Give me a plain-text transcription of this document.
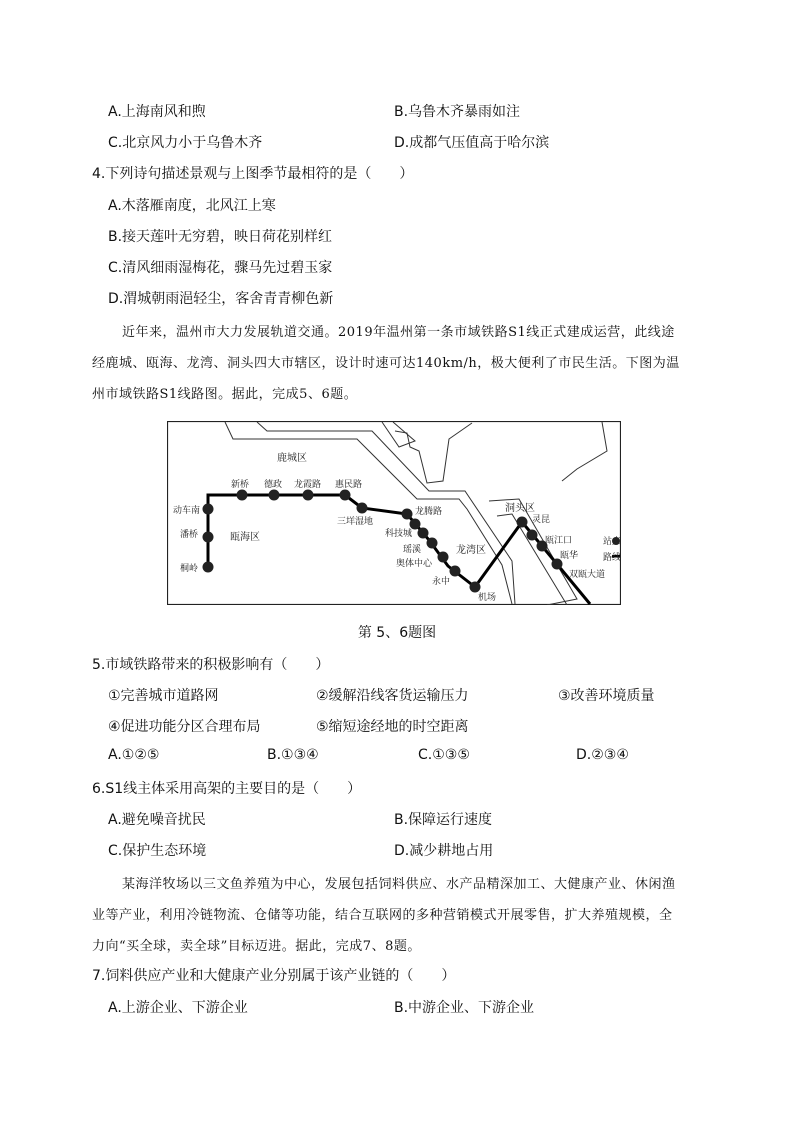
A.上海南风和煦	B.乌鲁木齐暴雨如注
C.北京风力小于乌鲁木齐	D.成都气压值高于哈尔滨
4.下列诗句描述景观与上图季节最相符的是（　　）
A.木落雁南度，北风江上寒
B.接天莲叶无穷碧，映日荷花别样红
C.清风细雨湿梅花，骤马先过碧玉家
D.渭城朝雨浥轻尘，客舍青青柳色新
近年来，温州市大力发展轨道交通。2019年温州第一条市域铁路S1线正式建成运营，此线途
经鹿城、瓯海、龙湾、洞头四大市辖区，设计时速可达140km/h，极大便利了市民生活。下图为温
州市域铁路S1线路图。据此，完成5、6题。
鹿城区
瓯海区
龙湾区
洞头区
动车南
潘桥
桐岭
新桥 德政 龙霞路 惠民路
三垟湿地
龙腾路
科技城
瑶溪
奥体中心
永中
机场
灵昆
瓯江口
瓯华
双瓯大道
站点
路线
第 5、6题图
5.市域铁路带来的积极影响有（　　）
①完善城市道路网	②缓解沿线客货运输压力	③改善环境质量
④促进功能分区合理布局	⑤缩短途经地的时空距离
A.①②⑤	B.①③④	C.①③⑤	D.②③④
6.S1线主体采用高架的主要目的是（　　）
A.避免噪音扰民	B.保障运行速度
C.保护生态环境	D.减少耕地占用
某海洋牧场以三文鱼养殖为中心，发展包括饲料供应、水产品精深加工、大健康产业、休闲渔
业等产业，利用冷链物流、仓储等功能，结合互联网的多种营销模式开展零售，扩大养殖规模，全
力向“买全球，卖全球”目标迈进。据此，完成7、8题。
7.饲料供应产业和大健康产业分别属于该产业链的（　　）
A.上游企业、下游企业	B.中游企业、下游企业
